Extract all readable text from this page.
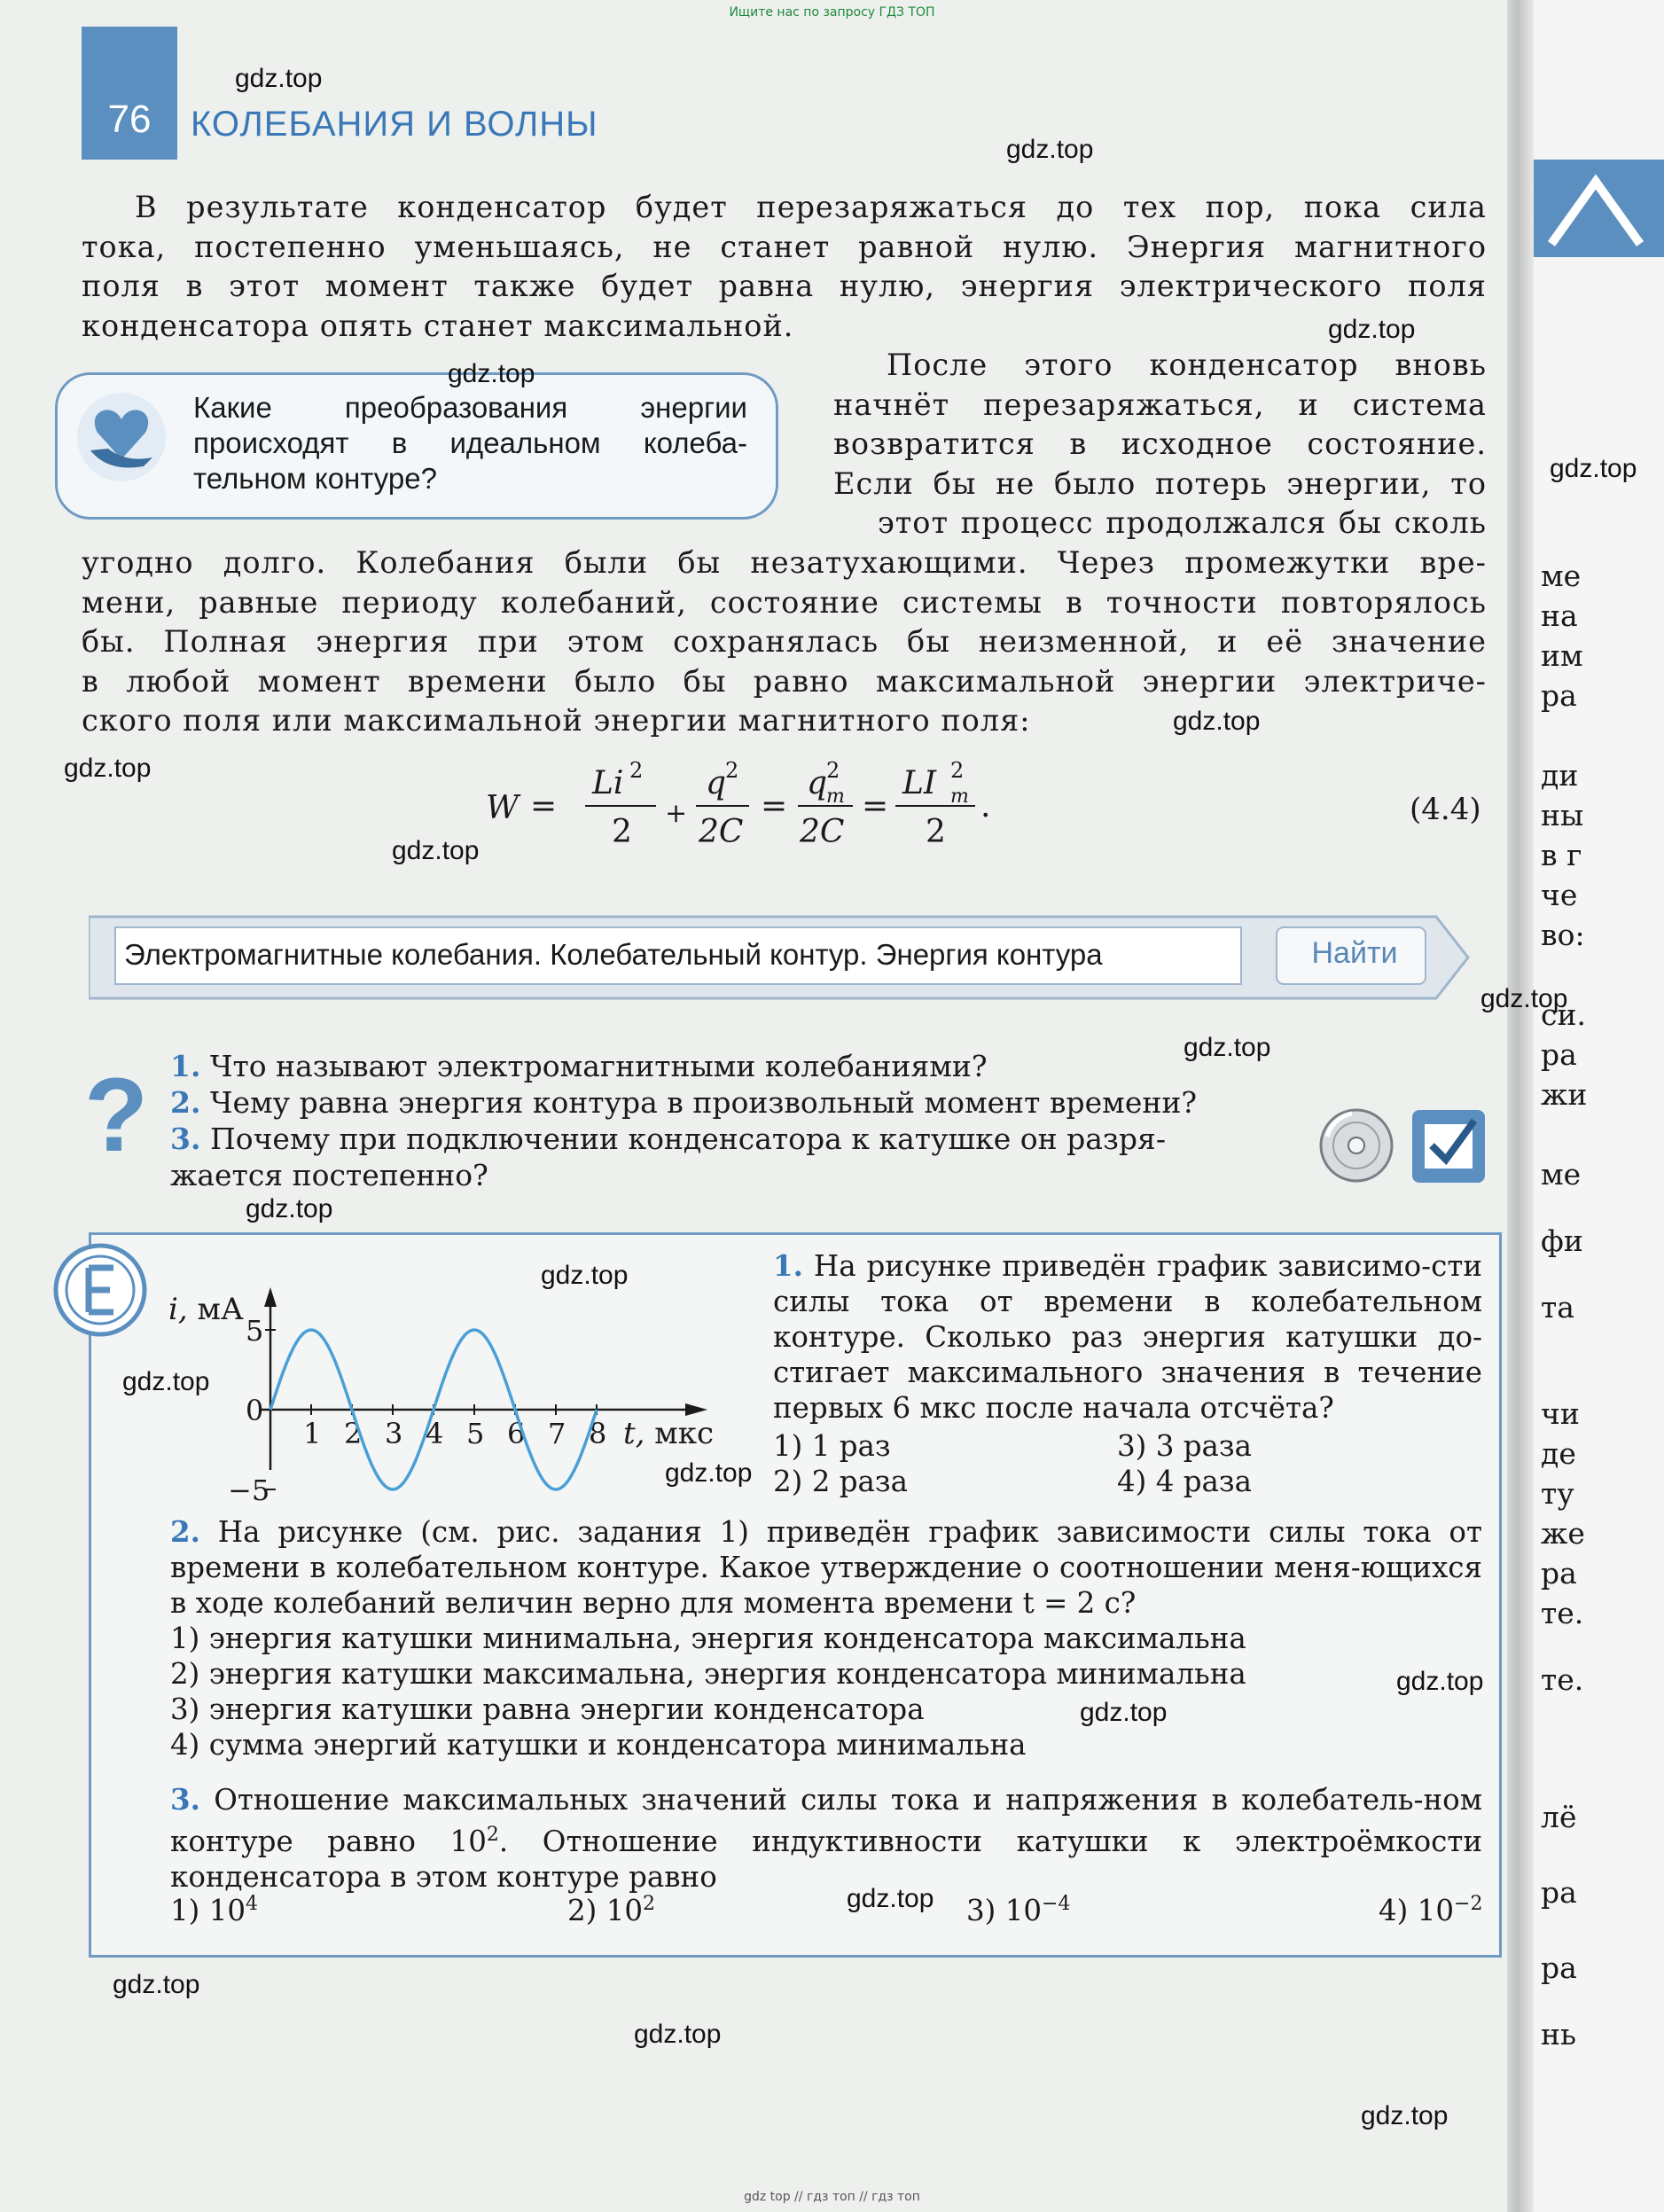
ме
на
им
ра
ди
ны
в г
че
во:
си.
ра
жи
ме
фи
та
чи
де
ту
же
ра
те.
те.
лё
ра
ра
нь
Ищите нас по запросу ГДЗ ТОП
gdz top // гдз топ // гдз топ
76	КОЛЕБАНИЯ И ВОЛНЫ
В результате конденсатор будет перезаряжаться до тех пор, пока сила
тока, постепенно уменьшаясь, не станет равной нулю. Энергия магнитного
поля в этот момент также будет равна нулю, энергия электрического поля
конденсатора опять станет максимальной.
Какие преобразования энергии происходят в идеальном колеба-тельном контуре?
После этого конденсатор вновь
начнёт перезаряжаться, и система
возвратится в исходное состояние.
Если бы не было потерь энергии, то
этот процесс продолжался бы сколь
угодно долго. Колебания были бы незатухающими. Через промежутки вре-
мени, равные периоду колебаний, состояние системы в точности повторялось
бы. Полная энергия при этом сохранялась бы неизменной, и её значение
в любой момент времени было бы равно максимальной энергии электриче-
ского поля или максимальной энергии магнитного поля:
W =
Li 2
2
+
q
2
2C
=
q
2
m
2C
=
LI 2
m
2
.	(4.4)
Электромагнитные колебания. Колебательный контур. Энергия контура	Найти
? 1. Что называют электромагнитными колебаниями?
2. Чему равна энергия контура в произвольный момент времени?
3. Почему при подключении конденсатора к катушке он разря-
жается постепенно?
1 2 3 4 5 6 7 8
5
0
−5
i, мА
t, мкс
1. На рисунке приведён график зависимо-сти силы тока от времени в колебательном контуре. Сколько раз энергия катушки до-стигает максимального значения в течение первых 6 мкс после начала отсчёта?
1) 1 раз	3) 3 раза
2) 2 раза	4) 4 раза
2. На рисунке (см. рис. задания 1) приведён график зависимости силы тока от времени в колебательном контуре. Какое утверждение о соотношении меня-ющихся в ходе колебаний величин верно для момента времени t = 2 с?
1) энергия катушки минимальна, энергия конденсатора максимальна
2) энергия катушки максимальна, энергия конденсатора минимальна
3) энергия катушки равна энергии конденсатора
4) сумма энергий катушки и конденсатора минимальна
3. Отношение максимальных значений силы тока и напряжения в колебатель-ном контуре равно $10^2$. Отношение индуктивности катушки к электроёмкости конденсатора в этом контуре равно
1) $10^4$	2) $10^2$	3) $10^{-4}$	4) $10^{-2}$
gdz.top
gdz.top
gdz.top
gdz.top
gdz.top
gdz.top
gdz.top
gdz.top
gdz.top
gdz.top
gdz.top
gdz.top
gdz.top
gdz.top
gdz.top
gdz.top
gdz.top
gdz.top
gdz.top
gdz.top
